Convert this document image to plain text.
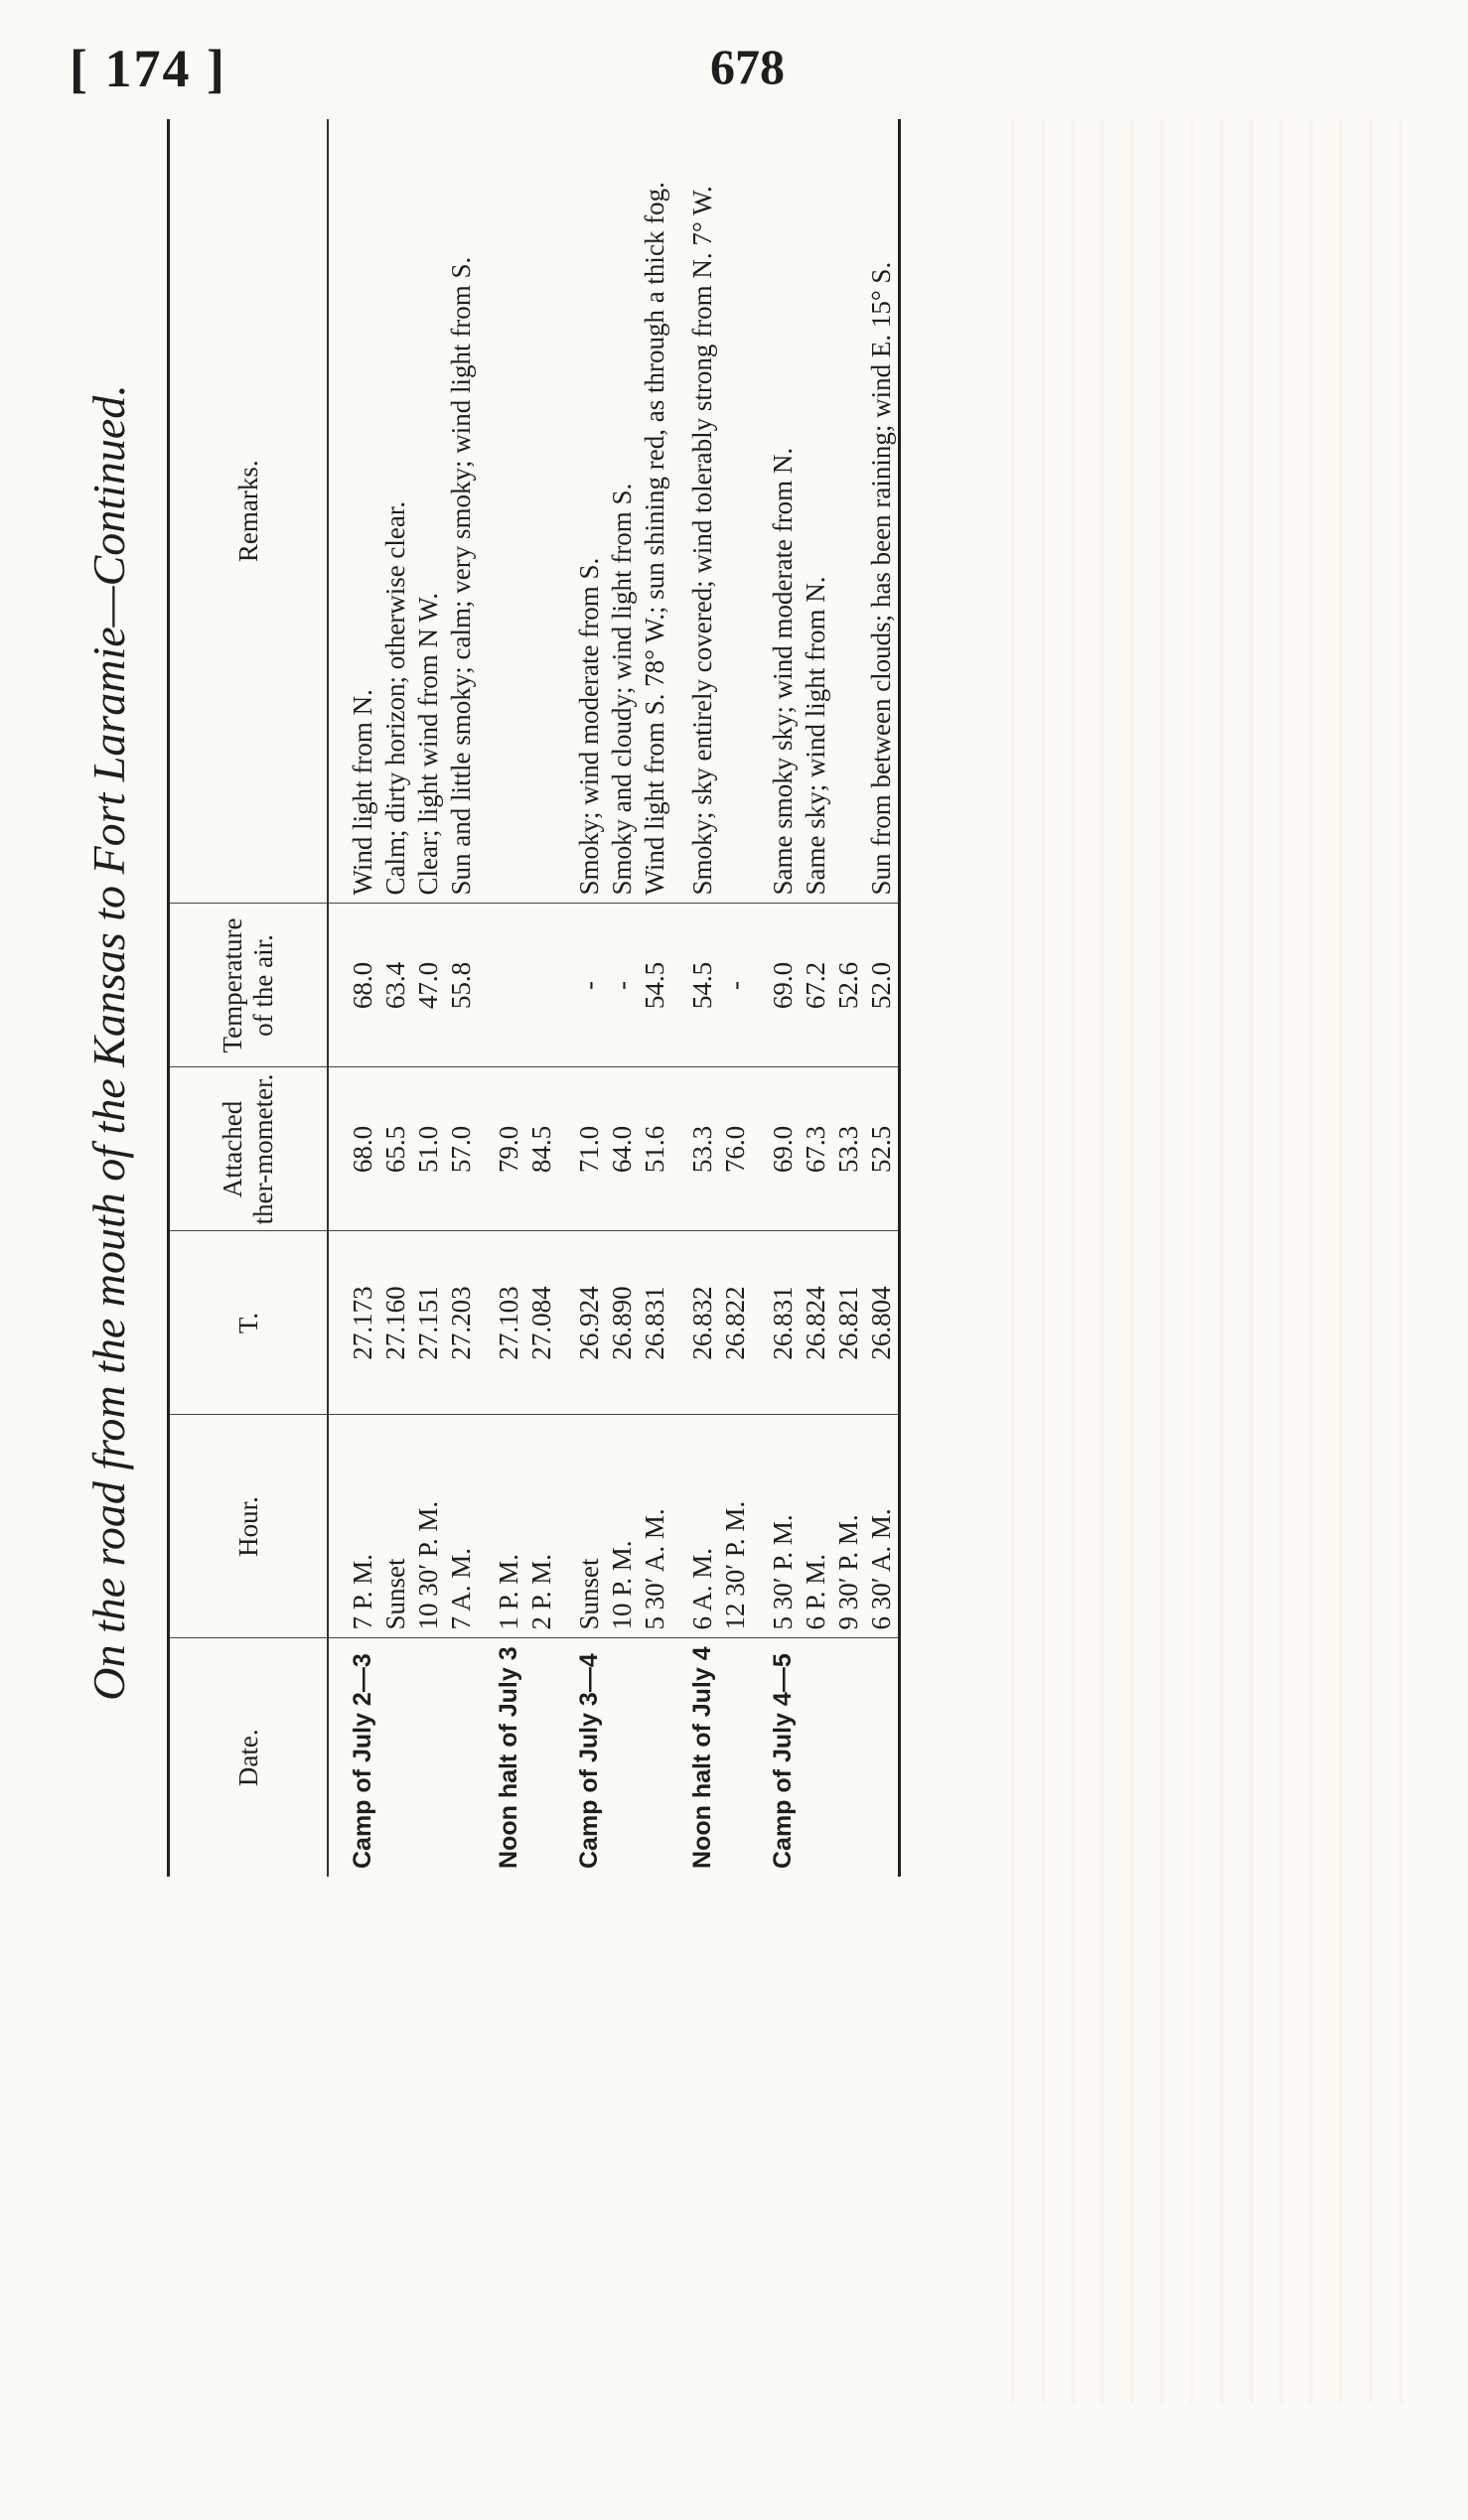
[ 174 ]	678
On the road from the mouth of the Kansas to Fort Laramie—Continued.
Date.	Hour.	T.	Attached ther-mometer.	Temperature of the air.	Remarks.
Camp of July 2—3	7 P. M.	27.173	68.0	68.0	Wind light from N.
	Sunset	27.160	65.5	63.4	Calm; dirty horizon; otherwise clear.
	10 30′ P. M.	27.151	51.0	47.0	Clear; light wind from N W.
	7 A. M.	27.203	57.0	55.8	Sun and little smoky; calm; very smoky; wind light from S.
Noon halt of July 3	1 P. M.	27.103	79.0		
	2 P. M.	27.084	84.5		
Camp of July 3—4	Sunset	26.924	71.0	-	Smoky; wind moderate from S.
	10 P. M.	26.890	64.0	-	Smoky and cloudy; wind light from S.
	5 30′ A. M.	26.831	51.6	54.5	Wind light from S. 78° W.; sun shining red, as through a thick fog.
Noon halt of July 4	6 A. M.	26.832	53.3	54.5	Smoky; sky entirely covered; wind tolerably strong from N. 7° W.
	12 30′ P. M.	26.822	76.0	-	
Camp of July 4—5	5 30′ P. M.	26.831	69.0	69.0	Same smoky sky; wind moderate from N.
	6 P. M.	26.824	67.3	67.2	Same sky; wind light from N.
	9 30′ P. M.	26.821	53.3	52.6	
	6 30′ A. M.	26.804	52.5	52.0	Sun from between clouds; has been raining; wind E. 15° S.
